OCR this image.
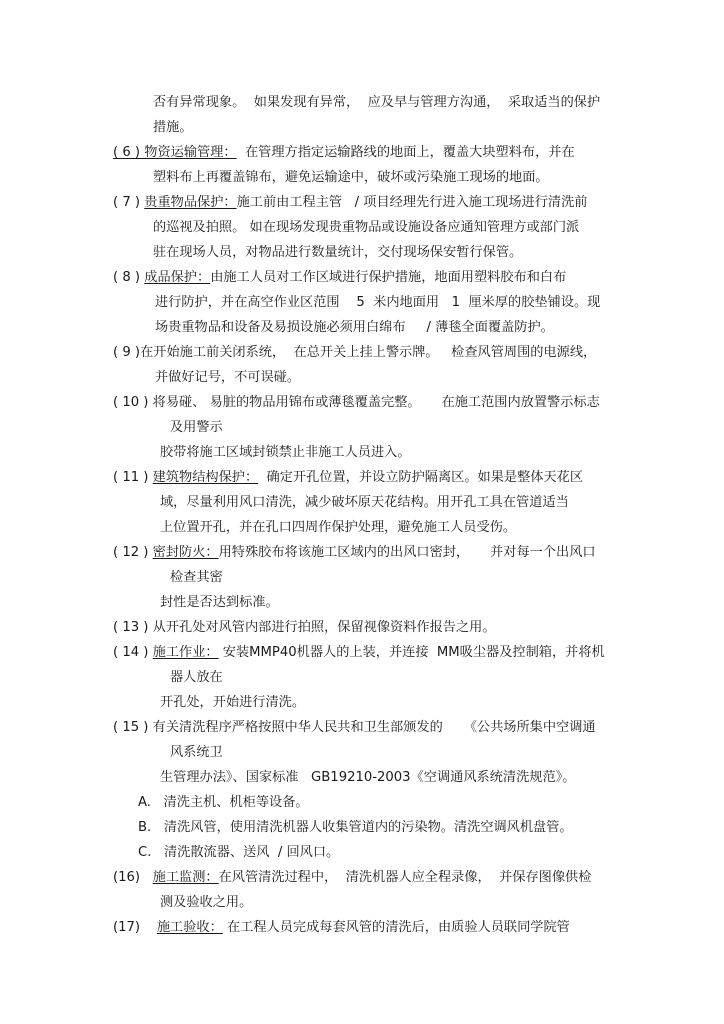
否有异常现象。  如果发现有异常，  应及早与管理方沟通，  采取适当的保护
措施。
( 6 ) 物资运输管理：  在管理方指定运输路线的地面上，覆盖大块塑料布，并在
塑料布上再覆盖锦布，避免运输途中，破坏或污染施工现场的地面。
( 7 ) 贵重物品保护：施工前由工程主管   / 项目经理先行进入施工现场进行清洗前
的巡视及拍照。 如在现场发现贵重物品或设施设备应通知管理方或部门派
驻在现场人员，对物品进行数量统计，交付现场保安暂行保管。
( 8 ) 成品保护：由施工人员对工作区域进行保护措施，地面用塑料胶布和白布
进行防护，并在高空作业区范围    5  米内地面用   1  厘米厚的胶垫铺设。现
场贵重物品和设备及易损设施必须用白绵布     / 薄毯全面覆盖防护。
( 9 )在开始施工前关闭系统，  在总开关上挂上警示牌。   检查风管周围的电源线，
并做好记号，不可误碰。
( 10 ) 将易碰、 易脏的物品用锦布或薄毯覆盖完整。     在施工范围内放置警示标志
及用警示
胶带将施工区域封锁禁止非施工人员进入。
( 11 ) 建筑物结构保护：  确定开孔位置，并设立防护隔离区。如果是整体天花区
域，尽量利用风口清洗，减少破坏原天花结构。用开孔工具在管道适当
上位置开孔，并在孔口四周作保护处理，避免施工人员受伤。
( 12 ) 密封防火：用特殊胶布将该施工区域内的出风口密封，     并对每一个出风口
检查其密
封性是否达到标准。
( 13 ) 从开孔处对风管内部进行拍照，保留视像资料作报告之用。
( 14 ) 施工作业： 安装MMP40机器人的上装，并连接  MM吸尘器及控制箱，并将机
器人放在
开孔处，开始进行清洗。
( 15 ) 有关清洗程序严格按照中华人民共和卫生部颁发的     《公共场所集中空调通
风系统卫
生管理办法》、国家标准   GB19210-2003《空调通风系统清洗规范》。
A.   清洗主机、机柜等设备。
B.   清洗风管，使用清洗机器人收集管道内的污染物。清洗空调风机盘管。
C.   清洗散流器、送风  / 回风口。
(16)   施工监测：在风管清洗过程中，  清洗机器人应全程录像，  并保存图像供检
测及验收之用。
(17)    施工验收： 在工程人员完成每套风管的清洗后，由质验人员联同学院管
